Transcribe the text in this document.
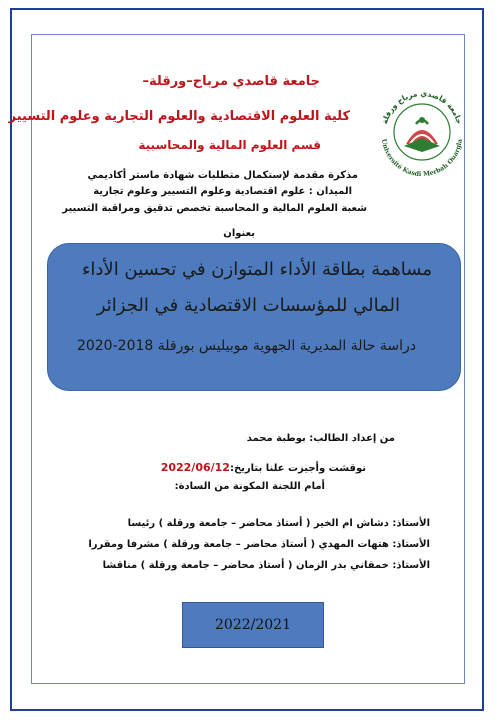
جامعة قاصدي مرباح ورقلة
Université Kasdi Merbah Ouargla
جامعة قاصدي مرباح–ورقلة–
كلية العلوم الاقتصادية والعلوم التجارية وعلوم التسيير
قسم العلوم المالية والمحاسبية
مذكرة مقدمة لإستكمال متطلبات شهادة ماستر أكاديمي
الميدان : علوم اقتصادية وعلوم التسيير وعلوم تجارية
شعبة العلوم المالية و المحاسبة تخصص تدقيق ومراقبة التسيير
بعنوان
مساهمة بطاقة الأداء المتوازن في تحسين الأداء
المالي للمؤسسات الاقتصادية في الجزائر
دراسة حالة المديرية الجهوية موبيليس بورقلة 2018-2020
من إعداد الطالب: بوطبة محمد
نوقشت وأجيزت علنا بتاريخ:2022/06/12
أمام اللجنة المكونة من السادة:
الأستاذ: دشاش ام الخير ( أستاذ محاضر – جامعة ورقلة ) رئيسا
الأستاذ: هتهات المهدي ( أستاذ محاضر – جامعة ورقلة ) مشرفا ومقررا
الأستاذ: خمقاني بدر الزمان ( أستاذ محاضر – جامعة ورقلة ) مناقشا
2022/2021
